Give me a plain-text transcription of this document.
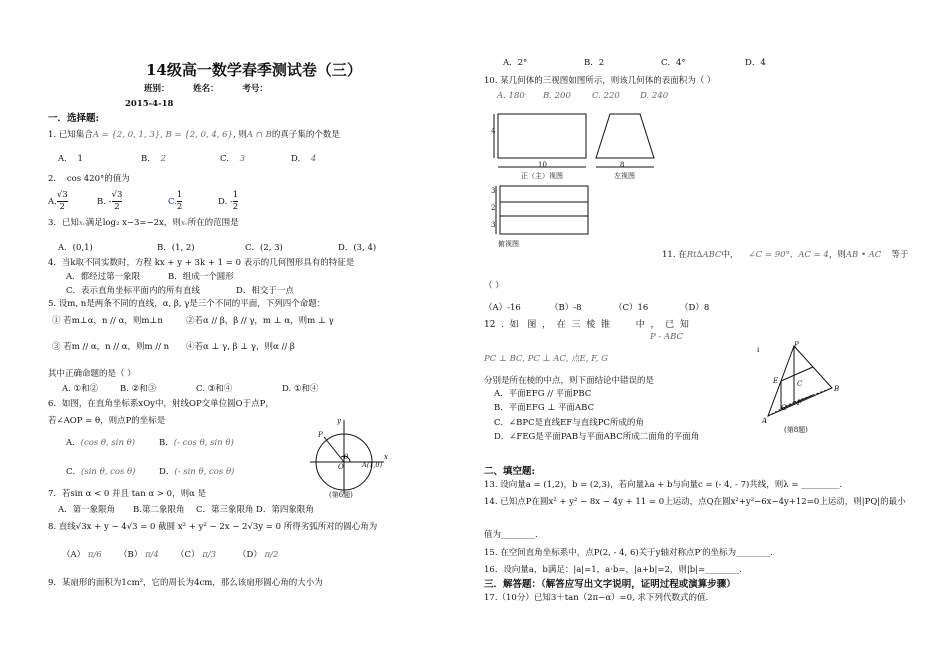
14级高一数学春季测试卷（三）
班别：        姓名：        考号：
2015-4-18
一．选择题:
1. 已知集合A = {2, 0, 1, 3}, B = {2, 0, 4, 6}, 则A ∩ B的真子集的个数是
A. 1	B. 2	C. 3	D. 4
2. cos 420°的值为
A. $\frac{√3}{2}$	B. - $\frac{√3}{2}$	C. $\frac{1}{2}$	D. - $\frac{1}{2}$
3．已知x₀满足log₂ x−3=−2x，则x₀所在的范围是
A．(0,1)	B．(1, 2)	C．(2, 3)	D．(3, 4)
4．当k取不同实数时，方程 kx + y + 3k + 1 = 0 表示的几何图形具有的特征是
A．都经过第一象限	B．组成一个圆形
C．表示直角坐标平面内的所有直线	D．相交于一点
5. 设m, n是两条不同的直线，α, β, γ是三个不同的平面，下列四个命题：
① 若m⊥α，n // α，则m⊥n	②若α // β，β // γ，m ⊥ α，则m ⊥ γ
③ 若m // α，n // α，则m // n ④若α ⊥ γ, β ⊥ γ，则α // β
其中正确命题的是（ ）
A. ①和②	B. ②和③	C. ③和④	D. ①和④
6．如图，在直角坐标系xOy中，射线OP交单位圆O于点P，
若∠AOP = θ，则点P的坐标是
A．(cos θ, sin θ)	B．(- cos θ, sin θ)
C．(sin θ, cos θ)	D．(- sin θ, cos θ)
y
P
θ
O	A(1,0)
x
(第6题)
7．若sin α < 0 并且 tan α > 0，则α 是
A．第一象限角 B.第二象限角 C．第三象限角 D．第四象限角
8. 直线√3x + y − 4√3 = 0 截圆 x² + y² − 2x − 2√3y = 0 所得劣弧所对的圆心角为
（A） π/6 （B） π/4 （C） π/3	（D） π/2
9．某扇形的面积为1cm²，它的周长为4cm，那么该扇形圆心角的大小为
A．2°	B．2	C．4°	D．4
10. 某几何体的三视图如图所示，则该几何体的表面积为（ ）
A. 180 B. 200 C. 220 D. 240
4
10
正（主）视图
8
左视图
3
2
3
俯视图
11. 在Rt∆ABC中， ∠C = 90°，AC = 4，则AB • AC 等于
（ ）
（A）-16	（B）-8	（C）16	（D）8
12  .  如   图  ，  在  三  棱  锥         中  ，  已  知
P - ABC
PC ⊥ BC, PC ⊥ AC, 点E, F, G
分别是所在棱的中点，则下面结论中错误的是
A．平面EFG // 平面PBC
B．平面EFG ⊥ 平面ABC
C．∠BPC是直线EF与直线PC所成的角
D．∠FEG是平面PAB与平面ABC所成二面角的平面角
i
P
E	C
B
A
G
F
(第8题)
二、填空题:
13. 设向量a = (1,2)，b = (2,3)，若向量λa + b与向量c = (- 4, - 7)共线，则λ = _________.
14. 已知点P在圆x² + y² − 8x − 4y + 11 = 0上运动，点Q在圆x²+y²−6x−4y+12=0上运动，则|PQ|的最小
值为________.
15. 在空间直角坐标系中，点P(2, - 4, 6)关于y轴对称点P′的坐标为________.
16．设向量a，b满足：|a|=1，a·b=，|a+b|=2，则|b|=________.
三．解答题：（解答应写出文字说明，证明过程或演算步骤）
17.（10分）已知3＋tan（2π−α）=0, 求下列代数式的值.
